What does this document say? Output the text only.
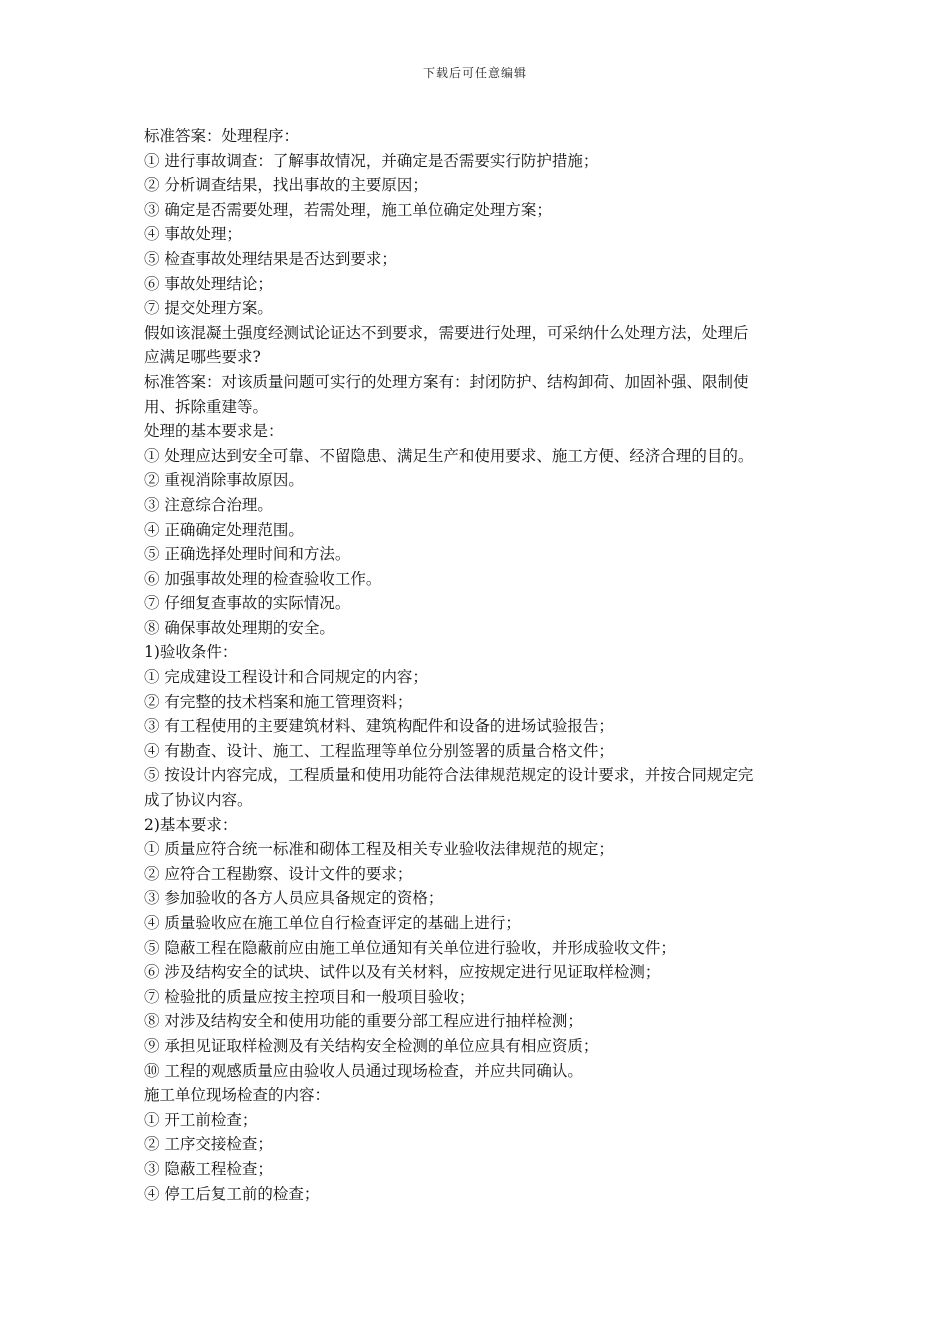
下载后可任意编辑
标准答案：处理程序：
① 进行事故调查：了解事故情况，并确定是否需要实行防护措施；
② 分析调查结果，找出事故的主要原因；
③ 确定是否需要处理，若需处理，施工单位确定处理方案；
④ 事故处理；
⑤ 检查事故处理结果是否达到要求；
⑥ 事故处理结论；
⑦ 提交处理方案。
假如该混凝土强度经测试论证达不到要求，需要进行处理，可采纳什么处理方法，处理后
应满足哪些要求?
标准答案：对该质量问题可实行的处理方案有：封闭防护、结构卸荷、加固补强、限制使
用、拆除重建等。
处理的基本要求是：
① 处理应达到安全可靠、不留隐患、满足生产和使用要求、施工方便、经济合理的目的。
② 重视消除事故原因。
③ 注意综合治理。
④ 正确确定处理范围。
⑤ 正确选择处理时间和方法。
⑥ 加强事故处理的检查验收工作。
⑦ 仔细复查事故的实际情况。
⑧ 确保事故处理期的安全。
1)验收条件：
① 完成建设工程设计和合同规定的内容；
② 有完整的技术档案和施工管理资料；
③ 有工程使用的主要建筑材料、建筑构配件和设备的进场试验报告；
④ 有勘查、设计、施工、工程监理等单位分别签署的质量合格文件；
⑤ 按设计内容完成，工程质量和使用功能符合法律规范规定的设计要求，并按合同规定完
成了协议内容。
2)基本要求：
① 质量应符合统一标准和砌体工程及相关专业验收法律规范的规定；
② 应符合工程勘察、设计文件的要求；
③ 参加验收的各方人员应具备规定的资格；
④ 质量验收应在施工单位自行检查评定的基础上进行；
⑤ 隐蔽工程在隐蔽前应由施工单位通知有关单位进行验收，并形成验收文件；
⑥ 涉及结构安全的试块、试件以及有关材料，应按规定进行见证取样检测；
⑦ 检验批的质量应按主控项目和一般项目验收；
⑧ 对涉及结构安全和使用功能的重要分部工程应进行抽样检测；
⑨ 承担见证取样检测及有关结构安全检测的单位应具有相应资质；
⑩ 工程的观感质量应由验收人员通过现场检查，并应共同确认。
施工单位现场检查的内容：
① 开工前检查；
② 工序交接检查；
③ 隐蔽工程检查；
④ 停工后复工前的检查；
